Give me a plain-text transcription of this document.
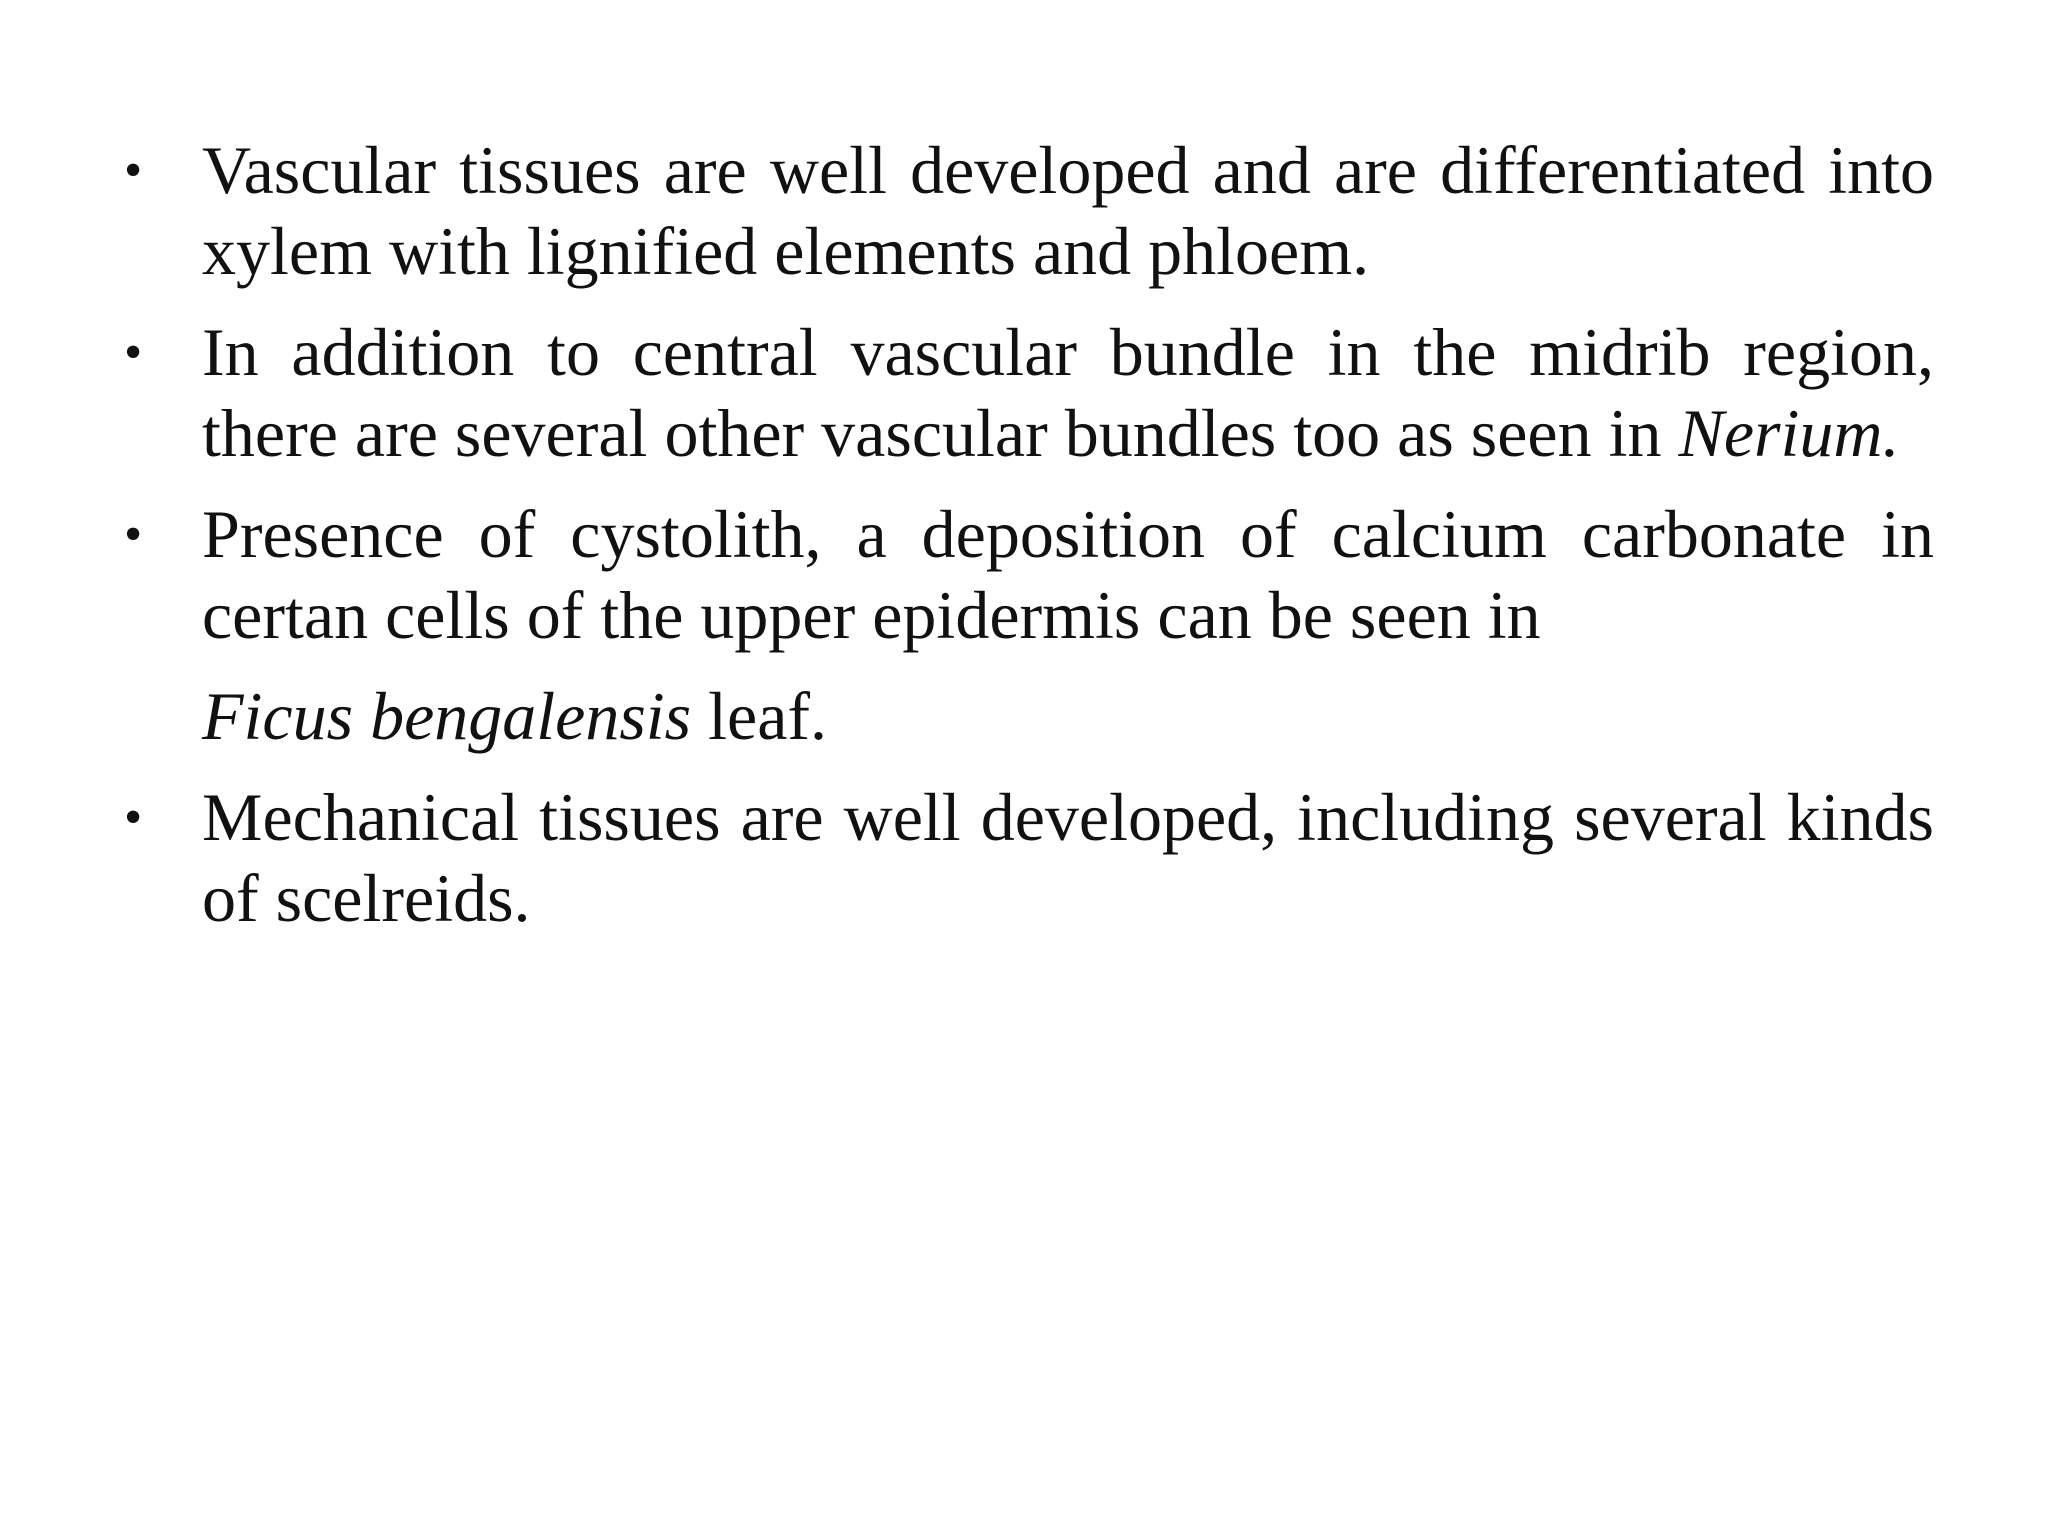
• Vascular tissues are well developed and are differentiated into xylem with lignified elements and phloem.
• In addition to central vascular bundle in the midrib region, there are several other vascular bundles too as seen in Nerium.
• Presence of cystolith, a deposition of calcium carbonate in certan cells of the upper epidermis can be seen in
Ficus bengalensis leaf.
• Mechanical tissues are well developed, including several kinds of scelreids.
